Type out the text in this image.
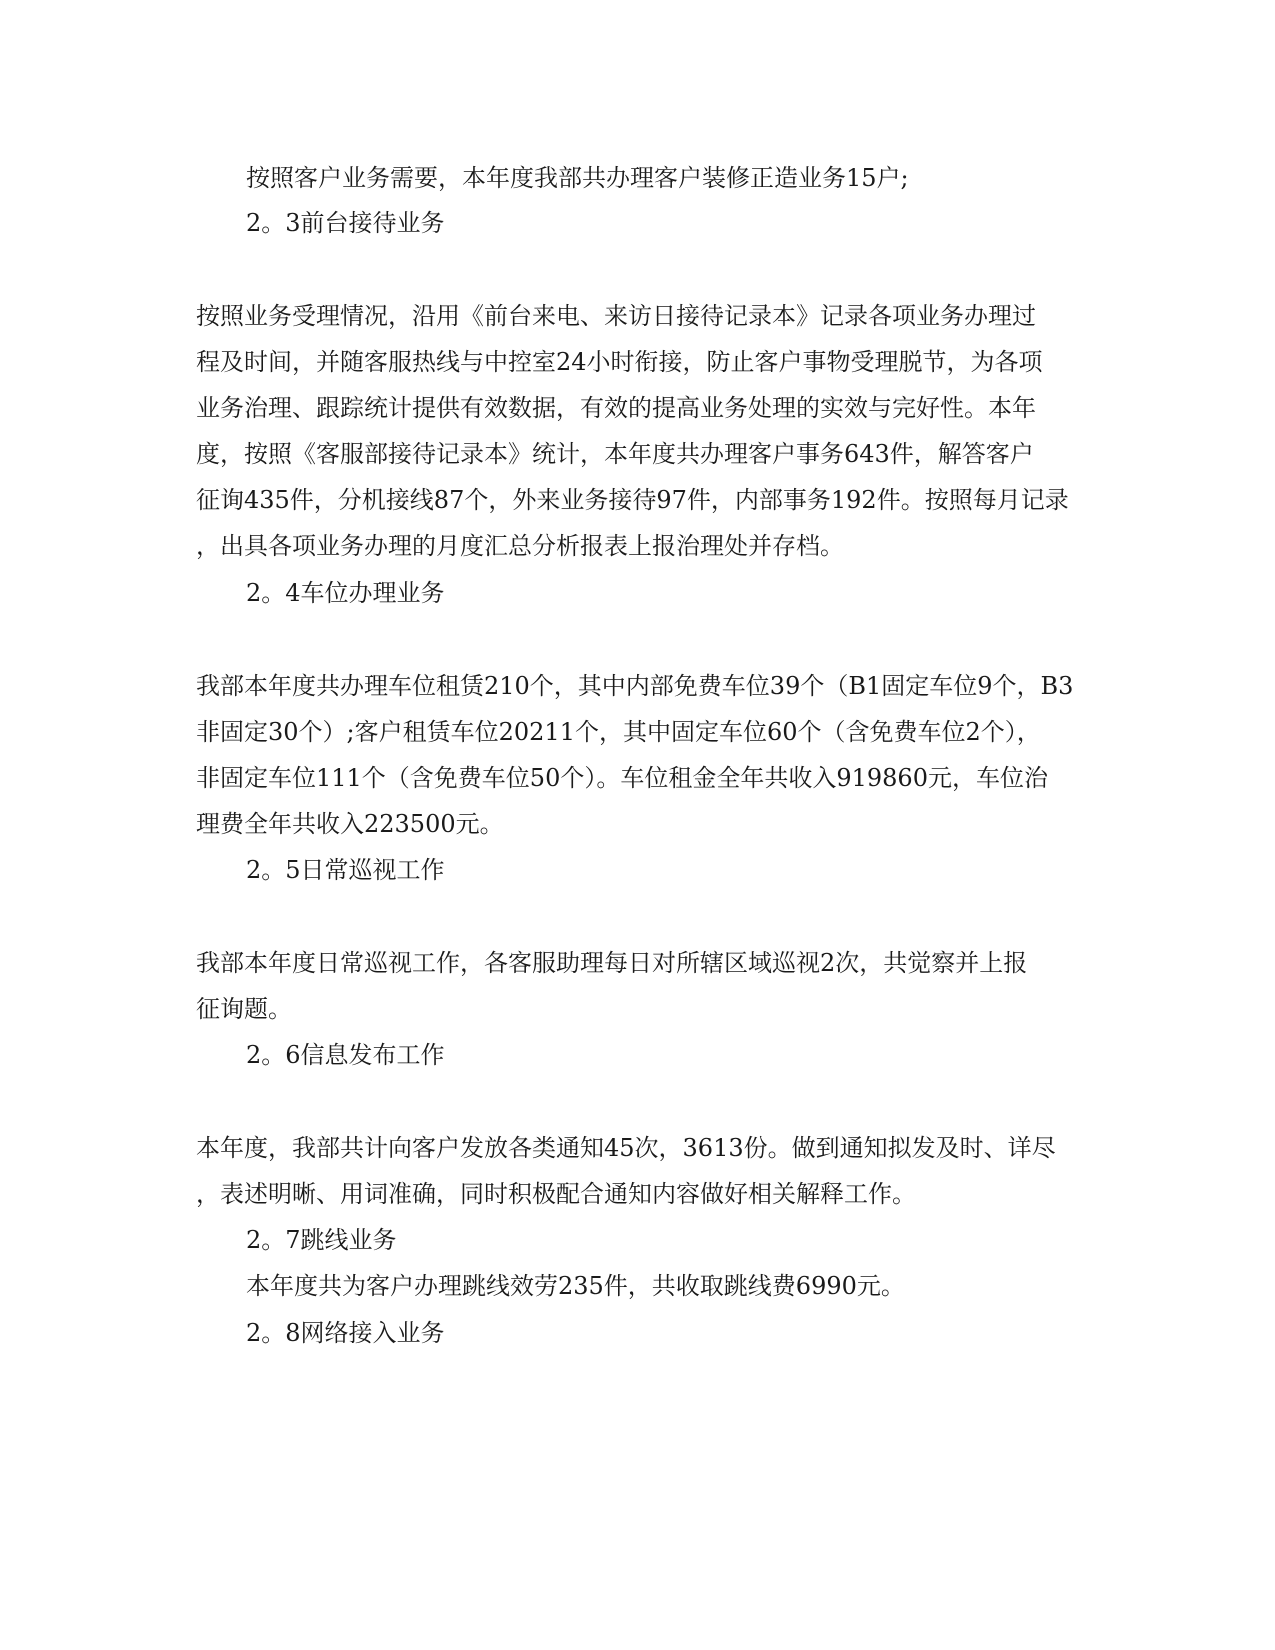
按照客户业务需要，本年度我部共办理客户装修正造业务15户;
2。3前台接待业务
按照业务受理情况，沿用《前台来电、来访日接待记录本》记录各项业务办理过
程及时间，并随客服热线与中控室24小时衔接，防止客户事物受理脱节，为各项
业务治理、跟踪统计提供有效数据，有效的提高业务处理的实效与完好性。本年
度，按照《客服部接待记录本》统计，本年度共办理客户事务643件，解答客户
征询435件，分机接线87个，外来业务接待97件，内部事务192件。按照每月记录
，出具各项业务办理的月度汇总分析报表上报治理处并存档。
2。4车位办理业务
我部本年度共办理车位租赁210个，其中内部免费车位39个（B1固定车位9个，B3
非固定30个）;客户租赁车位20211个，其中固定车位60个（含免费车位2个），
非固定车位111个（含免费车位50个）。车位租金全年共收入919860元，车位治
理费全年共收入223500元。
2。5日常巡视工作
我部本年度日常巡视工作，各客服助理每日对所辖区域巡视2次，共觉察并上报
征询题。
2。6信息发布工作
本年度，我部共计向客户发放各类通知45次，3613份。做到通知拟发及时、详尽
，表述明晰、用词准确，同时积极配合通知内容做好相关解释工作。
2。7跳线业务
本年度共为客户办理跳线效劳235件，共收取跳线费6990元。
2。8网络接入业务
